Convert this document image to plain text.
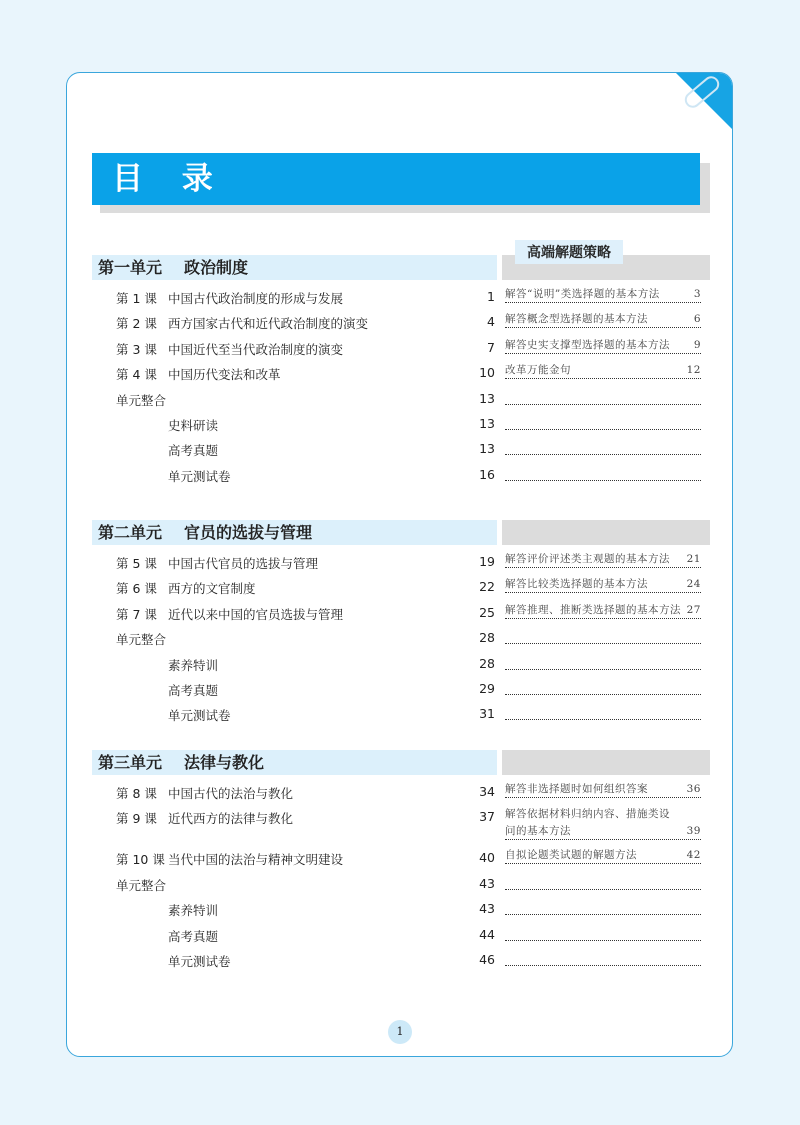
目 录
第一单元 政治制度
第 1 课 中国古代政治制度的形成与发展	1 解答“说明”类选择题的基本方法	3
第 2 课 西方国家古代和近代政治制度的演变	4 解答概念型选择题的基本方法	6
第 3 课 中国近代至当代政治制度的演变	7 解答史实支撑型选择题的基本方法 9
第 4 课 中国历代变法和改革	10 改革万能金句	12
单元整合	13
史料研读	13
高考真题	13
单元测试卷	16
第二单元 官员的选拔与管理
第 5 课 中国古代官员的选拔与管理	19 解答评价评述类主观题的基本方法 21
第 6 课 西方的文官制度	22 解答比较类选择题的基本方法	24
第 7 课 近代以来中国的官员选拔与管理	25 解答推理、推断类选择题的基本方法 27
单元整合	28
素养特训	28
高考真题	29
单元测试卷	31
第三单元 法律与教化
第 8 课 中国古代的法治与教化	34 解答非选择题时如何组织答案	36
第 9 课 近代西方的法律与教化	37 解答依据材料归纳内容、措施类设
问的基本方法	39
第 10 课 当代中国的法治与精神文明建设	40 自拟论题类试题的解题方法	42
单元整合	43
素养特训	43
高考真题	44
单元测试卷	46
高端解题策略
1
